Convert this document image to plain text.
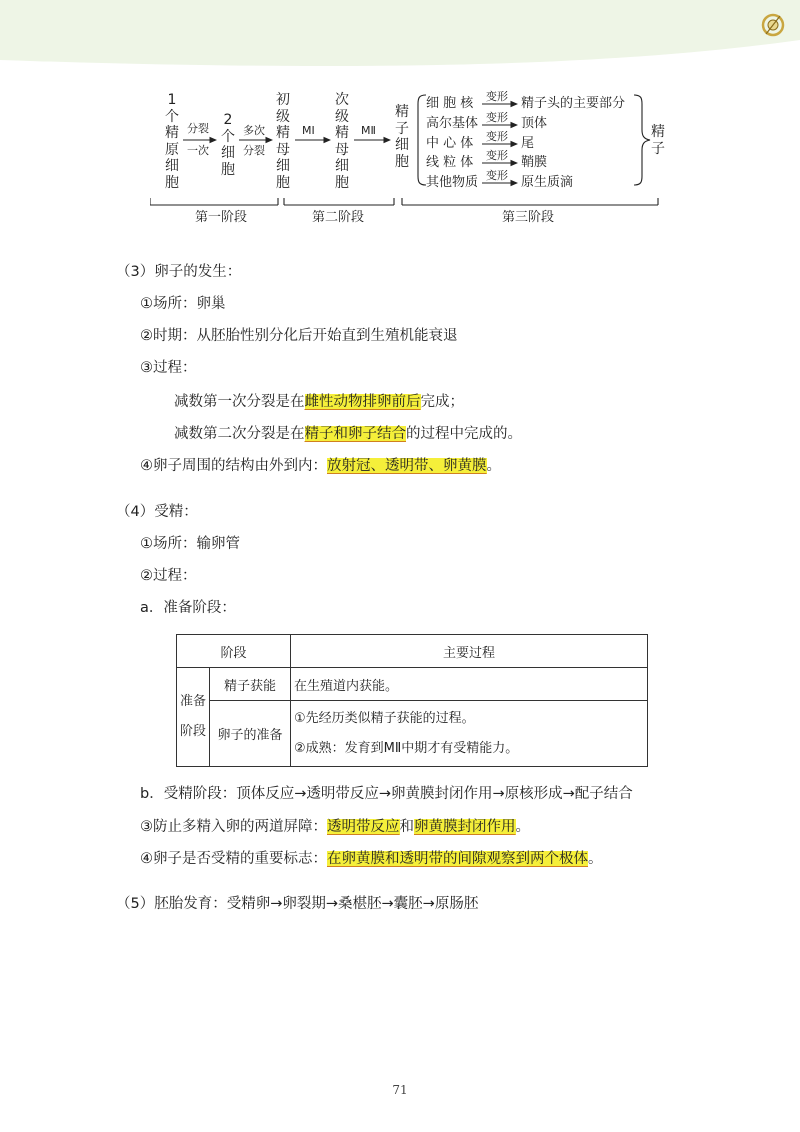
1
个
精
原
细
胞
分裂
一次
2
个
细
胞
多次
分裂
初
级
精
母
细
胞
MⅠ
次
级
精
母
细
胞
MⅡ
精
子
细
胞
细 胞 核
高尔基体
中 心 体
线 粒 体
其他物质
变形
变形
变形
变形
变形
精子头的主要部分
顶体
尾
鞘膜
原生质滴
精
子
第一阶段	第二阶段	第三阶段
（3）卵子的发生：
①场所：卵巢
②时期：从胚胎性别分化后开始直到生殖机能衰退
③过程：
减数第一次分裂是在雌性动物排卵前后完成；
减数第二次分裂是在精子和卵子结合的过程中完成的。
④卵子周围的结构由外到内：放射冠、透明带、卵黄膜。
（4）受精：
①场所：输卵管
②过程：
a．准备阶段：
阶段		主要过程

准备
阶段	精子获能	在生殖道内获能。
	卵子的准备	①先经历类似精子获能的过程。
②成熟：发育到MⅡ中期才有受精能力。
b．受精阶段：顶体反应→透明带反应→卵黄膜封闭作用→原核形成→配子结合
③防止多精入卵的两道屏障：透明带反应和卵黄膜封闭作用。
④卵子是否受精的重要标志：在卵黄膜和透明带的间隙观察到两个极体。
（5）胚胎发育：受精卵→卵裂期→桑椹胚→囊胚→原肠胚
71
